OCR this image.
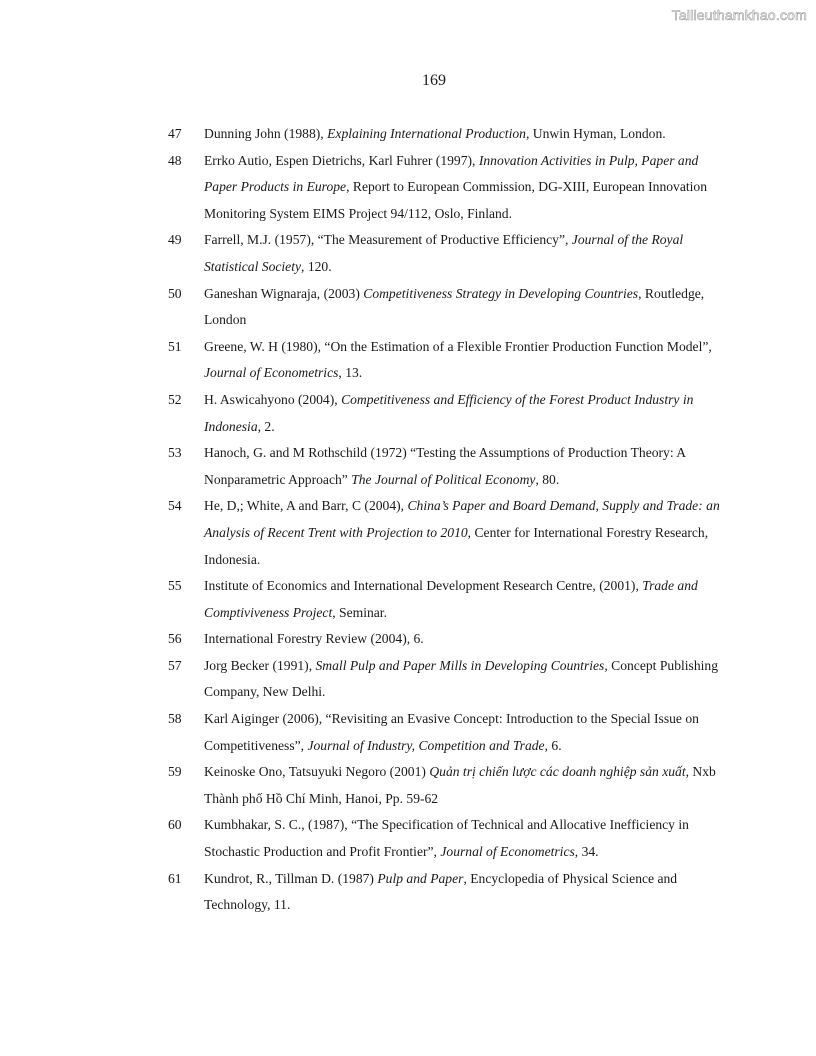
Tailieuthamkhao.com
169
47	Dunning John (1988), Explaining International Production, Unwin Hyman, London.
48	Errko Autio, Espen Dietrichs, Karl Fuhrer (1997), Innovation Activities in Pulp, Paper and Paper Products in Europe, Report to European Commission, DG-XIII, European Innovation Monitoring System EIMS Project 94/112, Oslo, Finland.
49	Farrell, M.J. (1957), “The Measurement of Productive Efficiency”, Journal of the Royal Statistical Society, 120.
50	Ganeshan Wignaraja, (2003) Competitiveness Strategy in Developing Countries, Routledge, London
51	Greene, W. H (1980), “On the Estimation of a Flexible Frontier Production Function Model”, Journal of Econometrics, 13.
52	H. Aswicahyono (2004), Competitiveness and Efficiency of the Forest Product Industry in Indonesia, 2.
53	Hanoch, G. and M Rothschild (1972) “Testing the Assumptions of Production Theory: A Nonparametric Approach” The Journal of Political Economy, 80.
54	He, D,; White, A and Barr, C (2004), China’s Paper and Board Demand, Supply and Trade: an Analysis of Recent Trent with Projection to 2010, Center for International Forestry Research, Indonesia.
55	Institute of Economics and International Development Research Centre, (2001), Trade and Comptiviveness Project, Seminar.
56	International Forestry Review (2004), 6.
57	Jorg Becker (1991), Small Pulp and Paper Mills in Developing Countries, Concept Publishing Company, New Delhi.
58	Karl Aiginger (2006), “Revisiting an Evasive Concept: Introduction to the Special Issue on Competitiveness”, Journal of Industry, Competition and Trade, 6.
59	Keinoske Ono, Tatsuyuki Negoro (2001) Quản trị chiến lược các doanh nghiệp sản xuất, Nxb Thành phố Hồ Chí Minh, Hanoi, Pp. 59-62
60	Kumbhakar, S. C., (1987), “The Specification of Technical and Allocative Inefficiency in Stochastic Production and Profit Frontier”, Journal of Econometrics, 34.
61	Kundrot, R., Tillman D. (1987) Pulp and Paper, Encyclopedia of Physical Science and Technology, 11.
